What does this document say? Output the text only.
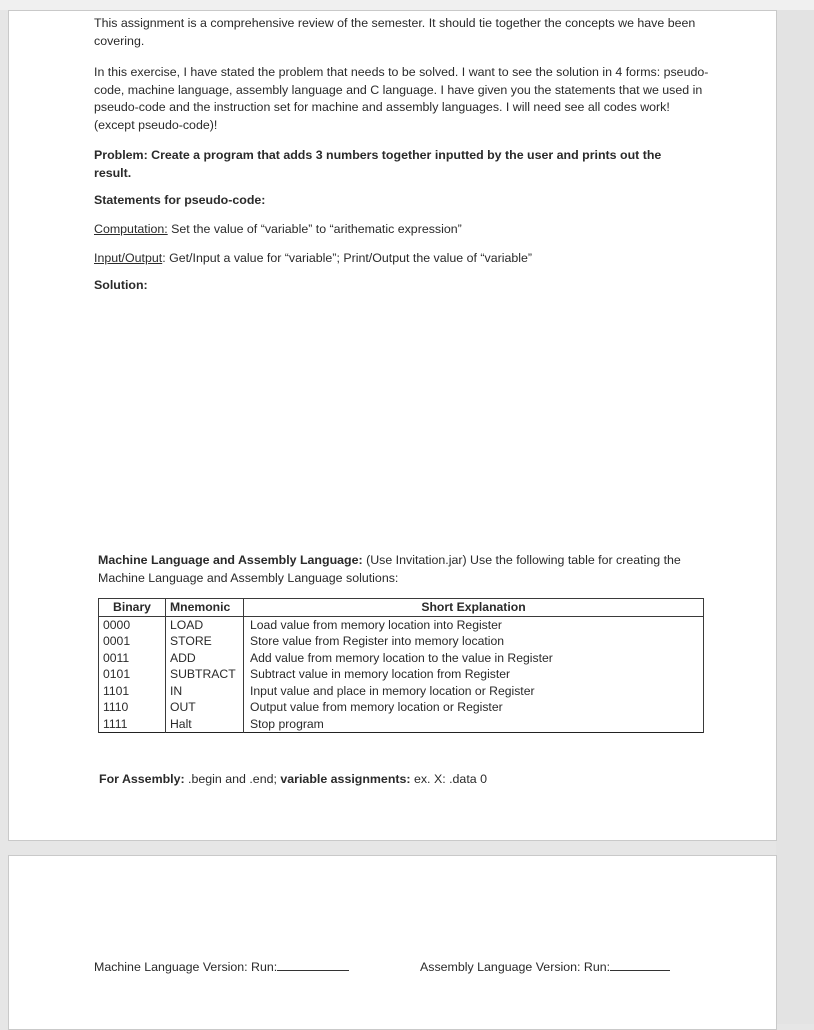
This assignment is a comprehensive review of the semester. It should tie together the concepts we have been covering.

In this exercise, I have stated the problem that needs to be solved. I want to see the solution in 4 forms: pseudo-code, machine language, assembly language and C language. I have given you the statements that we used in pseudo-code and the instruction set for machine and assembly languages. I will need see all codes work! (except pseudo-code)!

Problem: Create a program that adds 3 numbers together inputted by the user and prints out the result.

Statements for pseudo-code:

Computation: Set the value of “variable” to “arithematic expression”

Input/Output: Get/Input a value for “variable”; Print/Output the value of “variable”

Solution:

Machine Language and Assembly Language: (Use Invitation.jar) Use the following table for creating the Machine Language and Assembly Language solutions:

Binary	Mnemonic	Short Explanation
0000	LOAD	Load value from memory location into Register
0001	STORE	Store value from Register into memory location
0011	ADD	Add value from memory location to the value in Register
0101	SUBTRACT	Subtract value in memory location from Register
1101	IN	Input value and place in memory location or Register
1110	OUT	Output value from memory location or Register
1111	Halt	Stop program

For Assembly: .begin and .end; variable assignments: ex. X: .data 0

Machine Language Version: Run:	Assembly Language Version: Run:
